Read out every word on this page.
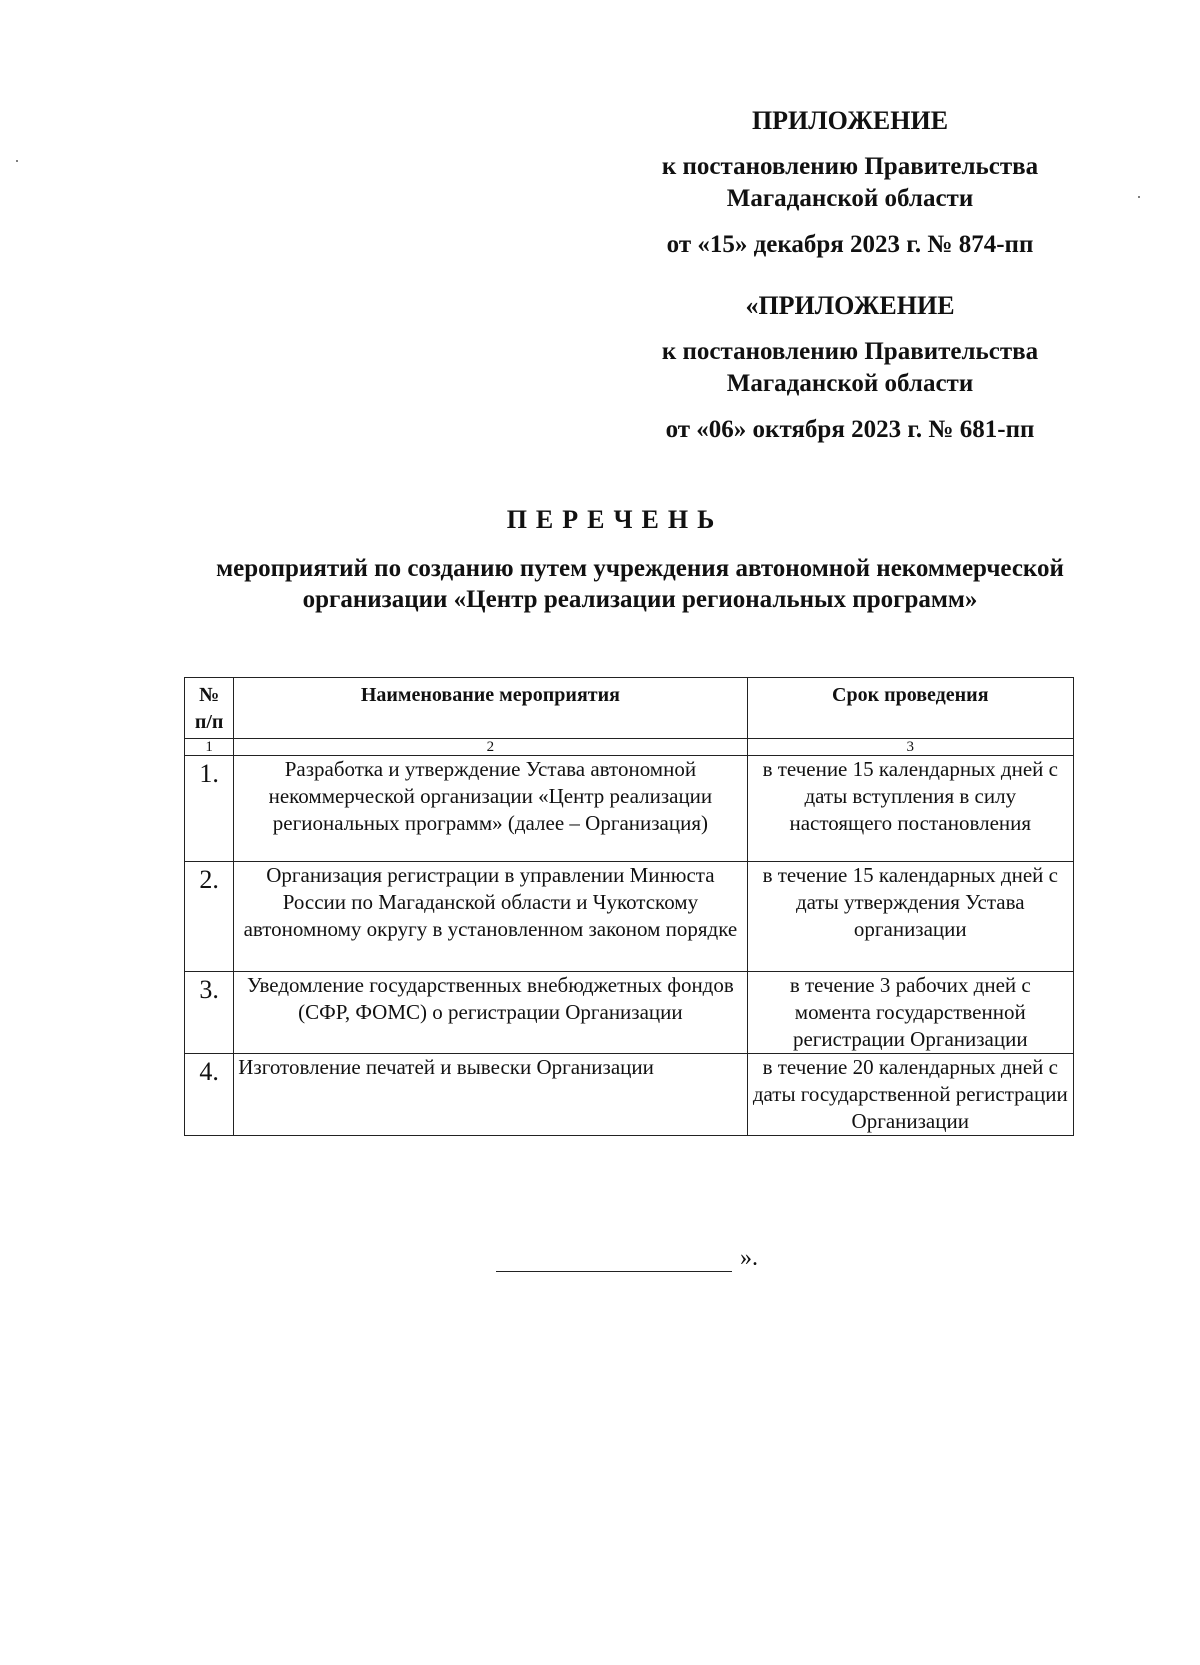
ПРИЛОЖЕНИЕ
к постановлению Правительства
Магаданской области
от «15» декабря 2023 г. № 874-пп
«ПРИЛОЖЕНИЕ
к постановлению Правительства
Магаданской области
от «06» октября 2023 г. № 681-пп
ПЕРЕЧЕНЬ
мероприятий по созданию путем учреждения автономной некоммерческой организации «Центр реализации региональных программ»
№ п/п	Наименование мероприятия	Срок проведения
1	2	3
1.	Разработка и утверждение Устава автономной некоммерческой организации «Центр реализации региональных программ» (далее – Организация)	в течение 15 календарных дней с даты вступления в силу настоящего постановления
2.	Организация регистрации в управлении Минюста России по Магаданской области и Чукотскому автономному округу в установленном законом порядке	в течение 15 календарных дней с даты утверждения Устава организации
3.	Уведомление государственных внебюджетных фондов (СФР, ФОМС) о регистрации Организации	в течение 3 рабочих дней с момента государственной регистрации Организации
4.	Изготовление печатей и вывески Организации	в течение 20 календарных дней с даты государственной регистрации Организации
».
